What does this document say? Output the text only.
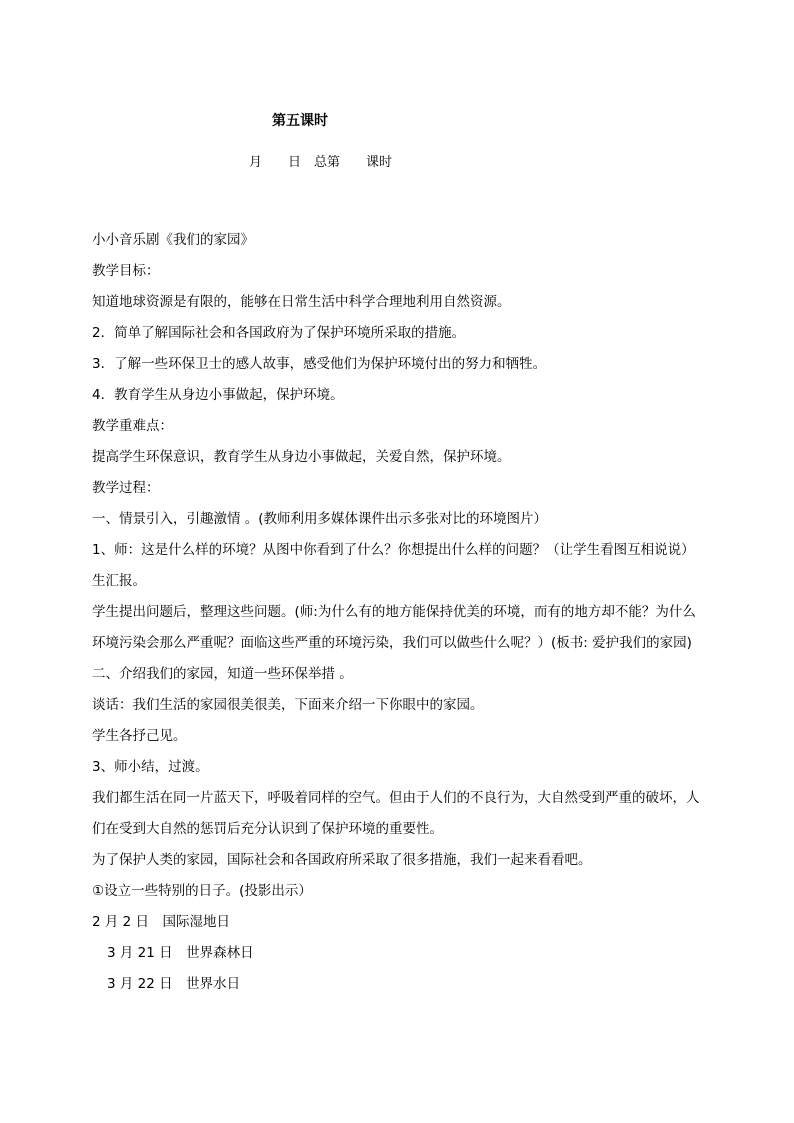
第五课时
月　　日　总第　　课时

小小音乐剧《我们的家园》

教学目标：

知道地球资源是有限的，能够在日常生活中科学合理地利用自然资源。

2．简单了解国际社会和各国政府为了保护环境所采取的措施。

3．了解一些环保卫士的感人故事，感受他们为保护环境付出的努力和牺牲。

4．教育学生从身边小事做起，保护环境。

教学重难点：

提高学生环保意识，教育学生从身边小事做起，关爱自然，保护环境。

教学过程：

一、情景引入，引趣激情 。(教师利用多媒体课件出示多张对比的环境图片）

1、师：这是什么样的环境？从图中你看到了什么？你想提出什么样的问题？（让学生看图互相说说）生汇报。

学生提出问题后，整理这些问题。(师:为什么有的地方能保持优美的环境，而有的地方却不能？为什么环境污染会那么严重呢？面临这些严重的环境污染，我们可以做些什么呢？）(板书: 爱护我们的家园)

二、介绍我们的家园，知道一些环保举措 。

谈话：我们生活的家园很美很美，下面来介绍一下你眼中的家园。

学生各抒己见。

3、师小结，过渡。

我们都生活在同一片蓝天下，呼吸着同样的空气。但由于人们的不良行为，大自然受到严重的破坏，人们在受到大自然的惩罚后充分认识到了保护环境的重要性。

为了保护人类的家园，国际社会和各国政府所采取了很多措施，我们一起来看看吧。

①设立一些特别的日子。(投影出示）

2 月 2 日　国际湿地日

3 月 21 日　世界森林日

3 月 22 日　世界水日
